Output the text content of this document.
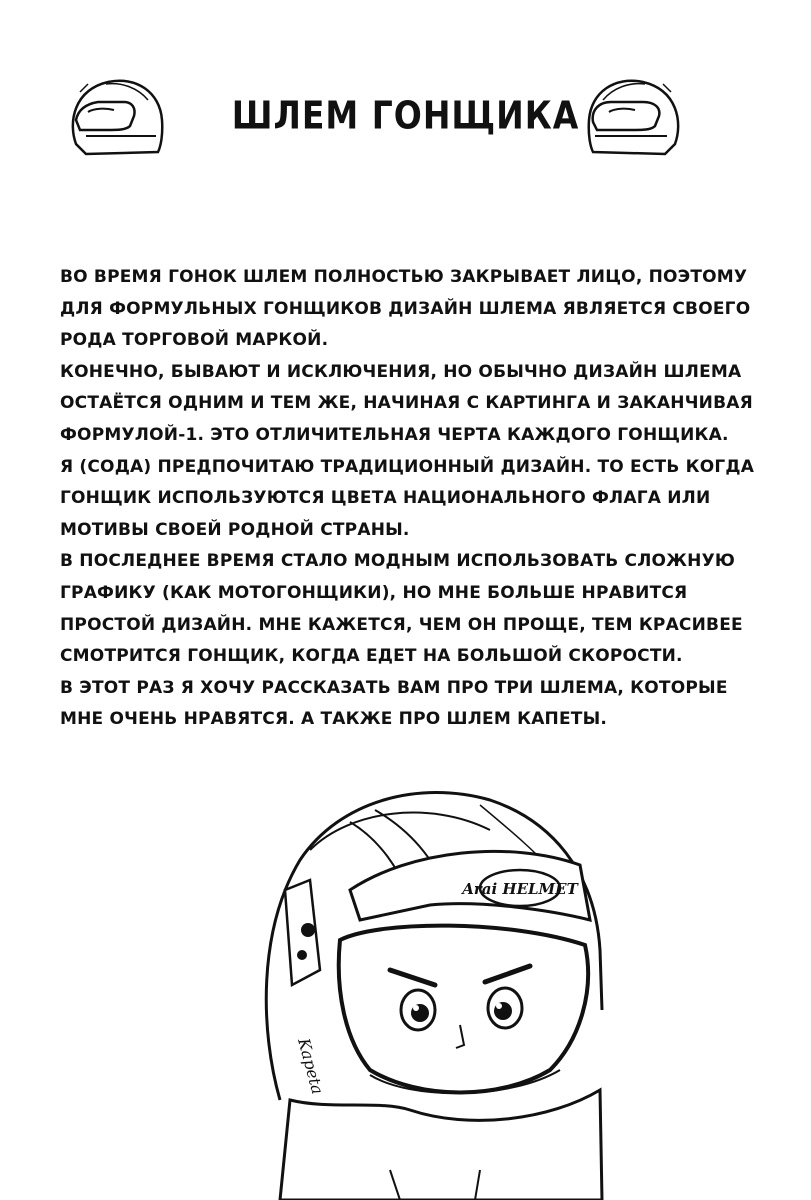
ШЛЕМ ГОНЩИКА

ВО ВРЕМЯ ГОНОК ШЛЕМ ПОЛНОСТЬЮ ЗАКРЫВАЕТ ЛИЦО, ПОЭТОМУ ДЛЯ ФОРМУЛЬНЫХ ГОНЩИКОВ ДИЗАЙН ШЛЕМА ЯВЛЯЕТСЯ СВОЕГО РОДА ТОРГОВОЙ МАРКОЙ.

КОНЕЧНО, БЫВАЮТ И ИСКЛЮЧЕНИЯ, НО ОБЫЧНО ДИЗАЙН ШЛЕМА ОСТАЁТСЯ ОДНИМ И ТЕМ ЖЕ, НАЧИНАЯ С КАРТИНГА И ЗАКАНЧИВАЯ ФОРМУЛОЙ-1. ЭТО ОТЛИЧИТЕЛЬНАЯ ЧЕРТА КАЖДОГО ГОНЩИКА.

Я (СОДА) ПРЕДПОЧИТАЮ ТРАДИЦИОННЫЙ ДИЗАЙН. ТО ЕСТЬ КОГДА ГОНЩИК ИСПОЛЬЗУЮТСЯ ЦВЕТА НАЦИОНАЛЬНОГО ФЛАГА ИЛИ МОТИВЫ СВОЕЙ РОДНОЙ СТРАНЫ.

В ПОСЛЕДНЕЕ ВРЕМЯ СТАЛО МОДНЫМ ИСПОЛЬЗОВАТЬ СЛОЖНУЮ ГРАФИКУ (КАК МОТОГОНЩИКИ), НО МНЕ БОЛЬШЕ НРАВИТСЯ ПРОСТОЙ ДИЗАЙН. МНЕ КАЖЕТСЯ, ЧЕМ ОН ПРОЩЕ, ТЕМ КРАСИВЕЕ СМОТРИТСЯ ГОНЩИК, КОГДА ЕДЕТ НА БОЛЬШОЙ СКОРОСТИ.

В ЭТОТ РАЗ Я ХОЧУ РАССКАЗАТЬ ВАМ ПРО ТРИ ШЛЕМА, КОТОРЫЕ МНЕ ОЧЕНЬ НРАВЯТСЯ. А ТАКЖЕ ПРО ШЛЕМ КАПЕТЫ.

Arai HELMET
Kapeta
